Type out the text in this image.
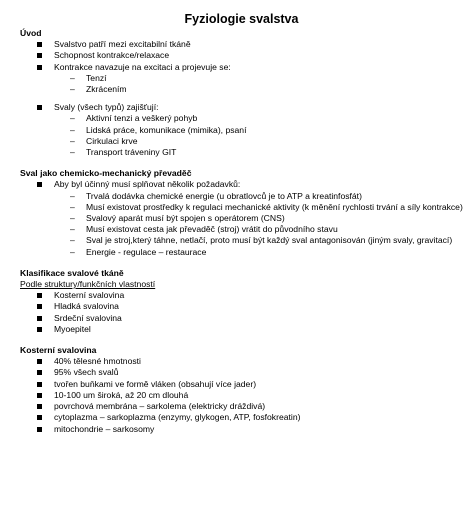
Fyziologie svalstva
Úvod
Svalstvo patří mezi excitabilní tkáně
Schopnost kontrakce/relaxace
Kontrakce navazuje na excitaci a projevuje se:
– Tenzí
– Zkrácením
Svaly (všech typů) zajišťují:
– Aktivní tenzi a veškerý pohyb
– Lidská práce, komunikace (mimika), psaní
– Cirkulaci krve
– Transport tráveniny GIT
Sval jako chemicko-mechanický převaděč
Aby byl účinný musí splňovat několik požadavků:
– Trvalá dodávka chemické energie (u obratlovců je to ATP a kreatinfosfát)
– Musí existovat prostředky k regulaci mechanické aktivity (k měnění rychlosti trvání a síly kontrakce)
– Svalový aparát musí být spojen s operátorem (CNS)
– Musí existovat cesta jak převaděč (stroj) vrátit do původního stavu
– Sval je stroj,který táhne, netlačí, proto musí být každý sval antagonisován (jiným svaly, gravitací)
– Energie - regulace – restaurace
Klasifikace svalové tkáně
Podle struktury/funkčních vlastností
Kosterní svalovina
Hladká svalovina
Srdeční svalovina
Myoepitel
Kosterní svalovina
40% tělesné hmotnosti
95% všech svalů
tvořen buňkami ve formě vláken (obsahují více jader)
10-100 um široká, až 20 cm dlouhá
povrchová membrána – sarkolema (elektricky dráždivá)
cytoplazma – sarkoplazma (enzymy, glykogen, ATP, fosfokreatin)
mitochondrie – sarkosomy
